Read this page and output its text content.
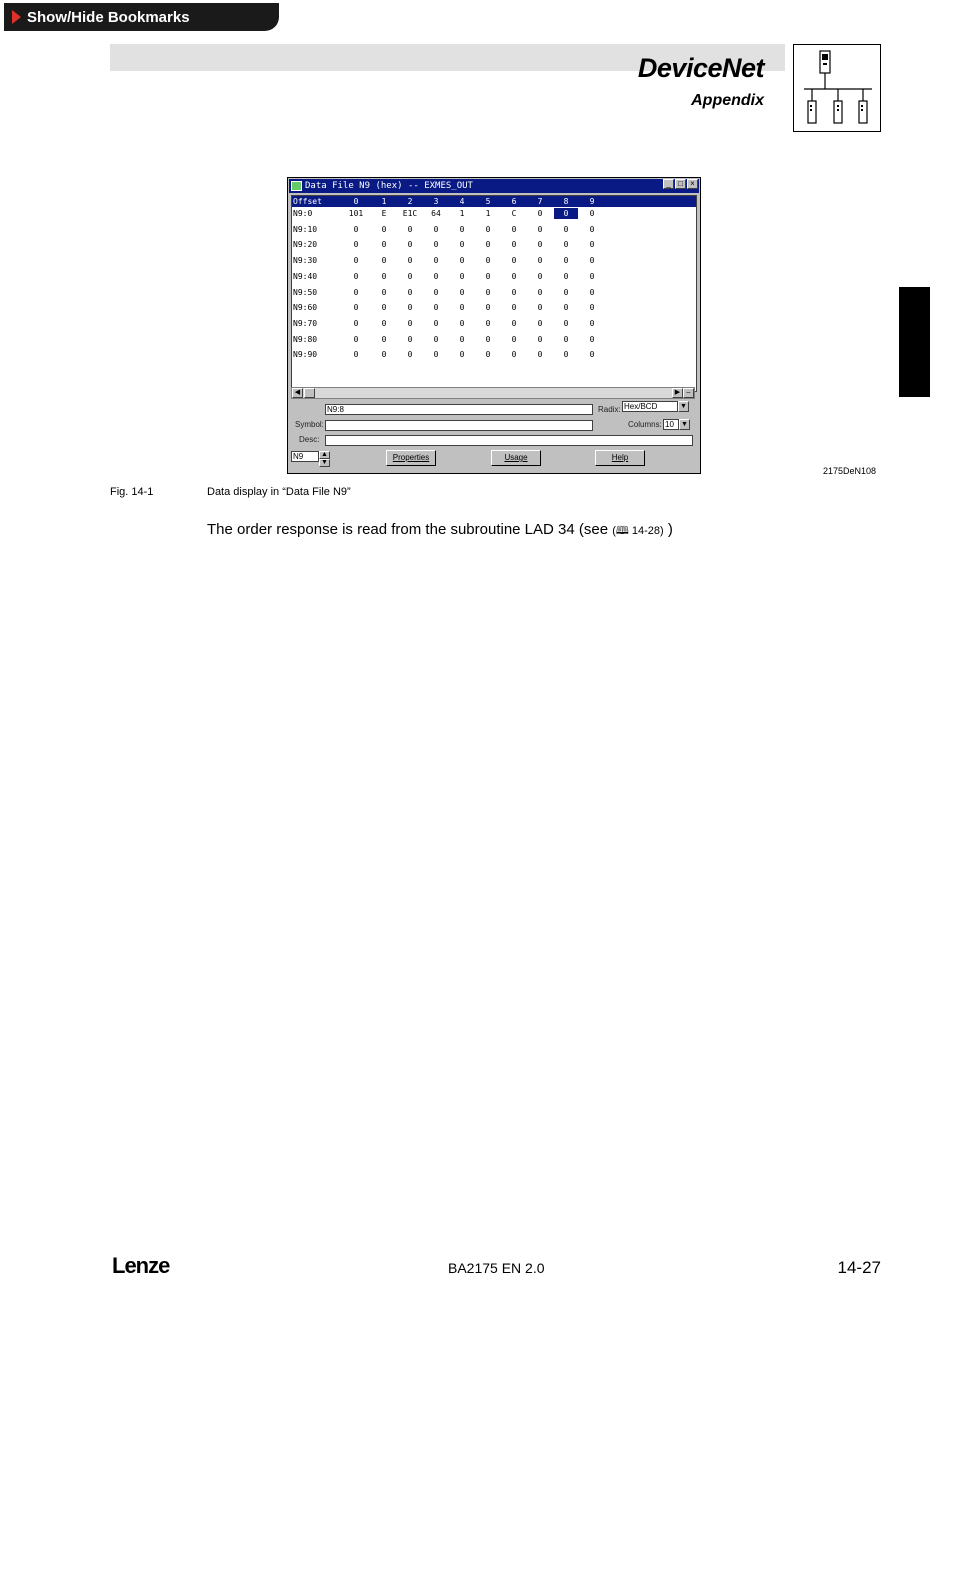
Show/Hide Bookmarks
DeviceNet
Appendix
Data File N9 (hex) -- EXMES_OUT	_ □ ×
Offset	0	1	2	3	4	5	6	7	8	9
N9:0	101	E	E1C	64	1	1	C	0	0	0
N9:10	0	0	0	0	0	0	0	0	0	0
N9:20	0	0	0	0	0	0	0	0	0	0
N9:30	0	0	0	0	0	0	0	0	0	0
N9:40	0	0	0	0	0	0	0	0	0	0
N9:50	0	0	0	0	0	0	0	0	0	0
N9:60	0	0	0	0	0	0	0	0	0	0
N9:70	0	0	0	0	0	0	0	0	0	0
N9:80	0	0	0	0	0	0	0	0	0	0
N9:90	0	0	0	0	0	0	0	0	0	0
◀	▶ –
N9:8	Radix: Hex/BCD	▼
Symbol:	Columns: 10	▼
Desc:
N9	▲
▼
Properties	Usage	Help
2175DeN108
Fig. 14-1	Data display in “Data File N9”
The order response is read from the subroutine LAD 34 (see (🕮 14-28) )
Lenze	BA2175 EN 2.0	14-27
